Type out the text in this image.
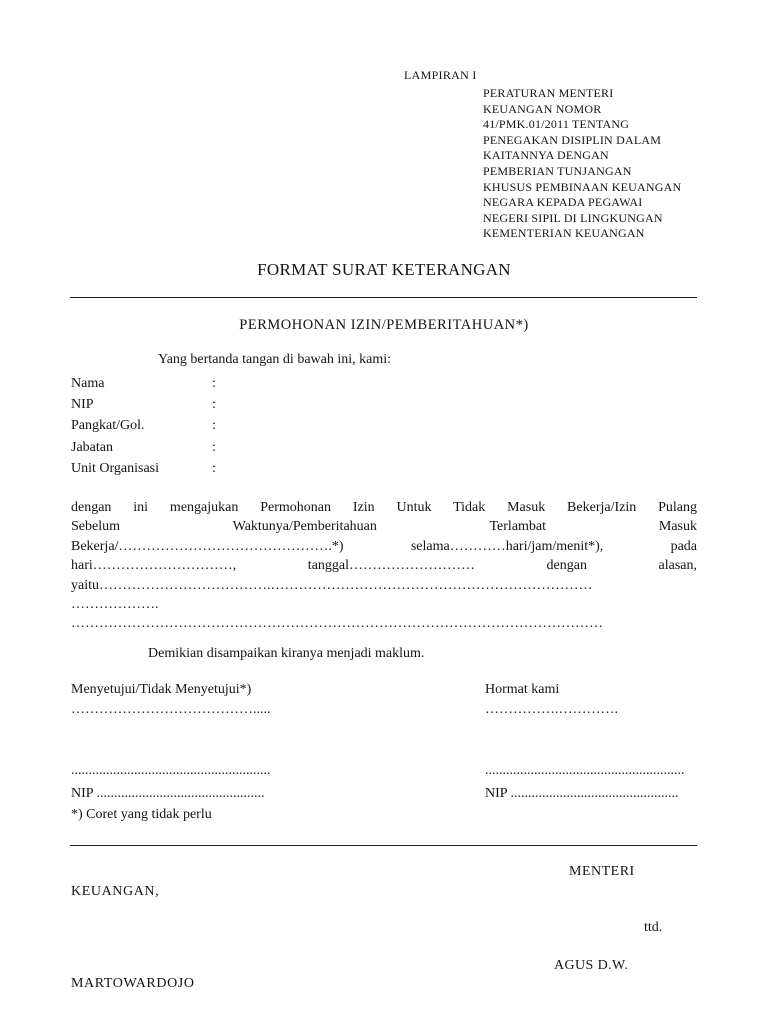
LAMPIRAN I
PERATURAN MENTERI
KEUANGAN NOMOR
41/PMK.01/2011 TENTANG
PENEGAKAN DISIPLIN DALAM
KAITANNYA DENGAN
PEMBERIAN TUNJANGAN
KHUSUS PEMBINAAN KEUANGAN
NEGARA KEPADA PEGAWAI
NEGERI SIPIL DI LINGKUNGAN
KEMENTERIAN KEUANGAN
FORMAT SURAT KETERANGAN
PERMOHONAN IZIN/PEMBERITAHUAN*)
Yang bertanda tangan di bawah ini, kami:
Nama	:
NIP	:
Pangkat/Gol.	:
Jabatan	:
Unit Organisasi	:
dengan ini mengajukan Permohonan Izin Untuk Tidak Masuk Bekerja/Izin Pulang
Sebelum Waktunya/Pemberitahuan Terlambat Masuk
Bekerja/……………………………………….*) selama…………hari/jam/menit*), pada
hari…………………………, tanggal……………………… dengan alasan,
yaitu……………………………….……………………………………………………………
……………….
……………………………………………………………………………………………………
Demikian disampaikan kiranya menjadi maklum.
Menyetujui/Tidak Menyetujui*)
………………………………….....
.........................................................
NIP ................................................
Hormat kami
…………….………….
.........................................................
NIP ................................................
*) Coret yang tidak perlu
MENTERI
KEUANGAN,
ttd.
AGUS D.W.
MARTOWARDOJO
